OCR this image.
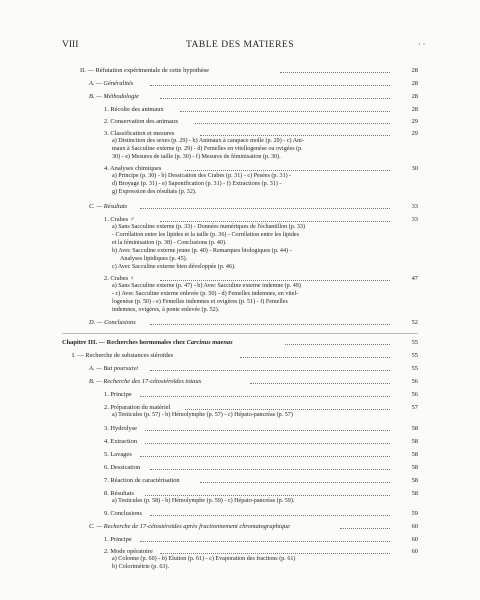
VIII	TABLE DES MATIERES	· ·
II. — Réfutation expérimentale de cette hypothèse	28
A. — Généralités	28
B. — Méthodologie	28
1. Récolte des animaux	28
2. Conservation des animaux	29
3. Classification et mesures	29
a) Distinction des sexes (p. 29) - b) Animaux à carapace molle (p. 29) - c) Ani-
maux à Sacculine externe (p. 29) - d) Femelles en vitellogenèse ou ovigées (p.
30) - e) Mesures de taille (p. 30) - f) Mesures de féminisation (p. 30).
4. Analyses chimiques	30
a) Principe (p. 30) - b) Dessication des Crabes (p. 31) - c) Pesées (p. 31) -
d) Broyage (p. 31) - e) Saponification (p. 31) - f) Extractions (p. 31) -
g) Expression des résultats (p. 32).
C. — Résultats	33
1. Crabes ♂	33
a) Sans Sacculine externe (p. 33) - Données numériques de l'échantillon (p. 33)
- Corrélation entre les lipides et la taille (p. 36) - Corrélation entre les lipides
et la féminisation (p. 38) - Conclusions (p. 40).
b) Avec Sacculine externe jeune (p. 40) - Remarques biologiques (p. 44) -
Analyses lipidiques (p. 45).
c) Avec Sacculine externe bien développée (p. 46).
2. Crabes ♀	47
a) Sans Sacculine externe (p. 47) - b) Avec Sacculine externe indemne (p. 49)
- c) Avec Sacculine externe enlevée (p. 50) - d) Femelles indemnes, en vitel-
logenèse (p. 50) - e) Femelles indemnes et ovigères (p. 51) - f) Femelles
indemnes, ovigères, à ponte enlevée (p. 52).
D. — Conclusions	52
Chapitre III. — Recherches hormonales chez Carcinus maenas	55
I. — Recherche de substances stéroïdes	55
A. — But poursuivi	55
B. — Recherche des 17-cétostéroïdes totaux	56
1. Principe	56
2. Préparation du matériel	57
a) Testicules (p. 57) - b) Hémolymphe (p. 57) - c) Hépato-pancréas (p. 57)
3. Hydrolyse	58
4. Extraction	58
5. Lavages	58
6. Dessication	58
7. Réaction de caractérisation	58
8. Résultats	58
a) Testicules (p. 58) - b) Hémolymphe (p. 59) - c) Hépato-pancréas (p. 59).
9. Conclusions	59
C. — Recherche de 17-cétostéroïdes après fractionnement chromatographique	60
1. Principe	60
2. Mode opératoire	60
a) Colonne (p. 60) - b) Elution (p. 61) - c) Evaporation des fractions (p. 61)
b) Colorimétrie (p. 63).
